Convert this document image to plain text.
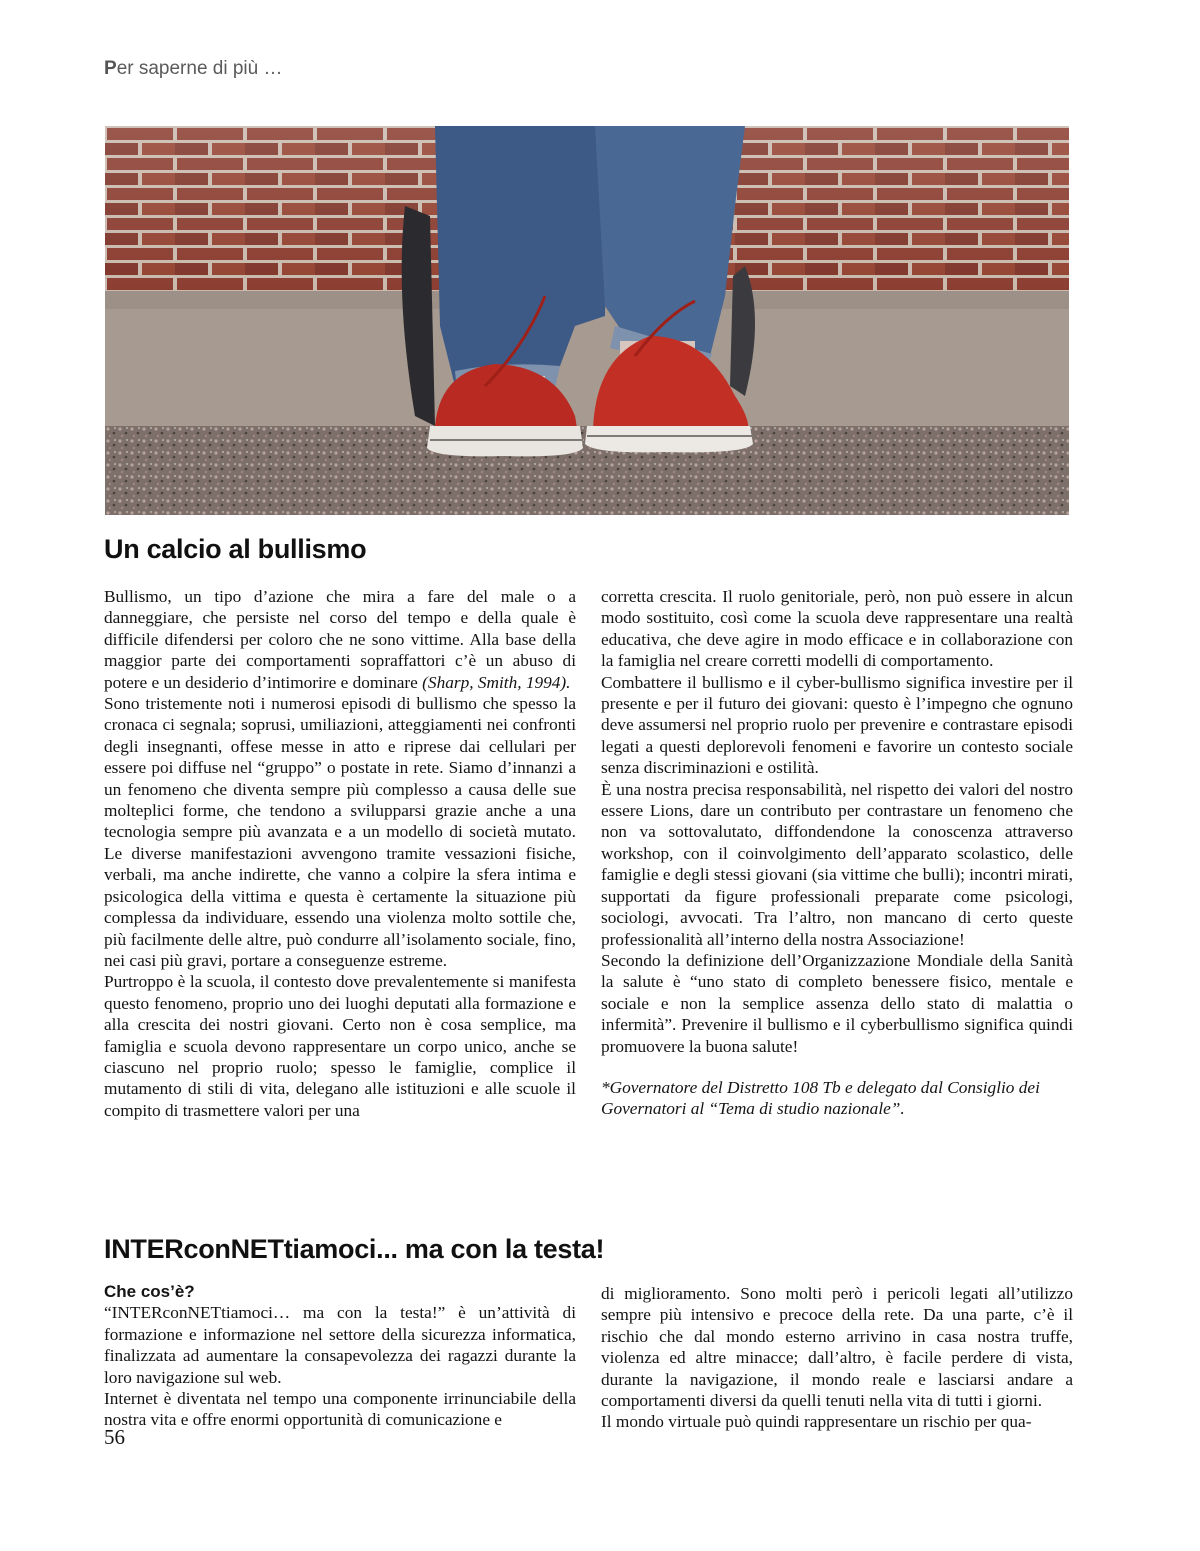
Per saperne di più …
Un calcio al bullismo

Bullismo, un tipo d’azione che mira a fare del male o a danneggiare, che persiste nel corso del tempo e della quale è difficile difendersi per coloro che ne sono vittime. Alla base della maggior parte dei comportamenti sopraffattori c’è un abuso di potere e un desiderio d’intimorire e dominare (Sharp, Smith, 1994).

Sono tristemente noti i numerosi episodi di bullismo che spesso la cronaca ci segnala; soprusi, umiliazioni, atteggiamenti nei confronti degli insegnanti, offese messe in atto e riprese dai cellulari per essere poi diffuse nel “gruppo” o postate in rete. Siamo d’innanzi a un fenomeno che diventa sempre più complesso a causa delle sue molteplici forme, che tendono a svilupparsi grazie anche a una tecnologia sempre più avanzata e a un modello di società mutato. Le diverse manifestazioni avvengono tramite vessazioni fisiche, verbali, ma anche indirette, che vanno a colpire la sfera intima e psicologica della vittima e questa è certamente la situazione più complessa da individuare, essendo una violenza molto sottile che, più facilmente delle altre, può condurre all’isolamento sociale, fino, nei casi più gravi, portare a conseguenze estreme.

Purtroppo è la scuola, il contesto dove prevalentemente si manifesta questo fenomeno, proprio uno dei luoghi deputati alla formazione e alla crescita dei nostri giovani. Certo non è cosa semplice, ma famiglia e scuola devono rappresentare un corpo unico, anche se ciascuno nel proprio ruolo; spesso le famiglie, complice il mutamento di stili di vita, delegano alle istituzioni e alle scuole il compito di trasmettere valori per una

corretta crescita. Il ruolo genitoriale, però, non può essere in alcun modo sostituito, così come la scuola deve rappresentare una realtà educativa, che deve agire in modo efficace e in collaborazione con la famiglia nel creare corretti modelli di comportamento.

Combattere il bullismo e il cyber-bullismo significa investire per il presente e per il futuro dei giovani: questo è l’impegno che ognuno deve assumersi nel proprio ruolo per prevenire e contrastare episodi legati a questi deplorevoli fenomeni e favorire un contesto sociale senza discriminazioni e ostilità.

È una nostra precisa responsabilità, nel rispetto dei valori del nostro essere Lions, dare un contributo per contrastare un fenomeno che non va sottovalutato, diffondendone la conoscenza attraverso workshop, con il coinvolgimento dell’apparato scolastico, delle famiglie e degli stessi giovani (sia vittime che bulli); incontri mirati, supportati da figure professionali preparate come psicologi, sociologi, avvocati. Tra l’altro, non mancano di certo queste professionalità all’interno della nostra Associazione!

Secondo la definizione dell’Organizzazione Mondiale della Sanità la salute è “uno stato di completo benessere fisico, mentale e sociale e non la semplice assenza dello stato di malattia o infermità”. Prevenire il bullismo e il cyberbullismo significa quindi promuovere la buona salute!

*Governatore del Distretto 108 Tb e delegato dal Consiglio dei Governatori al “Tema di studio nazionale”.

INTERconNETtiamoci... ma con la testa!

Che cos’è?

“INTERconNETtiamoci… ma con la testa!” è un’attività di formazione e informazione nel settore della sicurezza informatica, finalizzata ad aumentare la consapevolezza dei ragazzi durante la loro navigazione sul web.

Internet è diventata nel tempo una componente irrinunciabile della nostra vita e offre enormi opportunità di comunicazione e

di miglioramento. Sono molti però i pericoli legati all’utilizzo sempre più intensivo e precoce della rete. Da una parte, c’è il rischio che dal mondo esterno arrivino in casa nostra truffe, violenza ed altre minacce; dall’altro, è facile perdere di vista, durante la navigazione, il mondo reale e lasciarsi andare a comportamenti diversi da quelli tenuti nella vita di tutti i giorni.

Il mondo virtuale può quindi rappresentare un rischio per qua-

56
